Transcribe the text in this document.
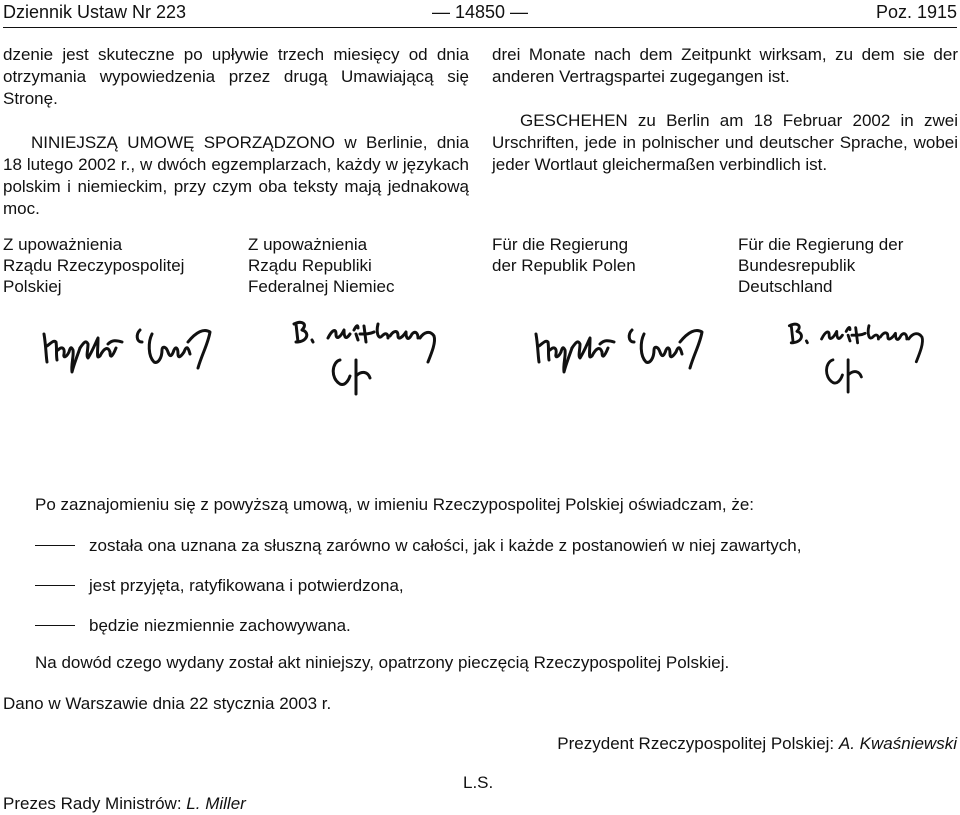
Dziennik Ustaw Nr 223	— 14850 —	Poz. 1915

dzenie jest skuteczne po upływie trzech miesięcy od dnia otrzymania wypowiedzenia przez drugą Umawiającą się Stronę.

NINIEJSZĄ UMOWĘ SPORZĄDZONO w Berlinie, dnia 18 lutego 2002 r., w dwóch egzemplarzach, każdy w językach polskim i niemieckim, przy czym oba teksty mają jednakową moc.

drei Monate nach dem Zeitpunkt wirksam, zu dem sie der anderen Vertragspartei zugegangen ist.

GESCHEHEN zu Berlin am 18 Februar 2002 in zwei Urschriften, jede in polnischer und deutscher Sprache, wobei jeder Wortlaut gleichermaßen verbindlich ist.

Z upoważnienia
Rządu Rzeczypospolitej
Polskiej
Z upoważnienia
Rządu Republiki
Federalnej Niemiec
Für die Regierung
der Republik Polen
Für die Regierung der
Bundesrepublik
Deutschland
Po zaznajomieniu się z powyższą umową, w imieniu Rzeczypospolitej Polskiej oświadczam, że:
została ona uznana za słuszną zarówno w całości, jak i każde z postanowień w niej zawartych,
jest przyjęta, ratyfikowana i potwierdzona,
będzie niezmiennie zachowywana.
Na dowód czego wydany został akt niniejszy, opatrzony pieczęcią Rzeczypospolitej Polskiej.
Dano w Warszawie dnia 22 stycznia 2003 r.
Prezydent Rzeczypospolitej Polskiej: A. Kwaśniewski
L.S.
Prezes Rady Ministrów: L. Miller
